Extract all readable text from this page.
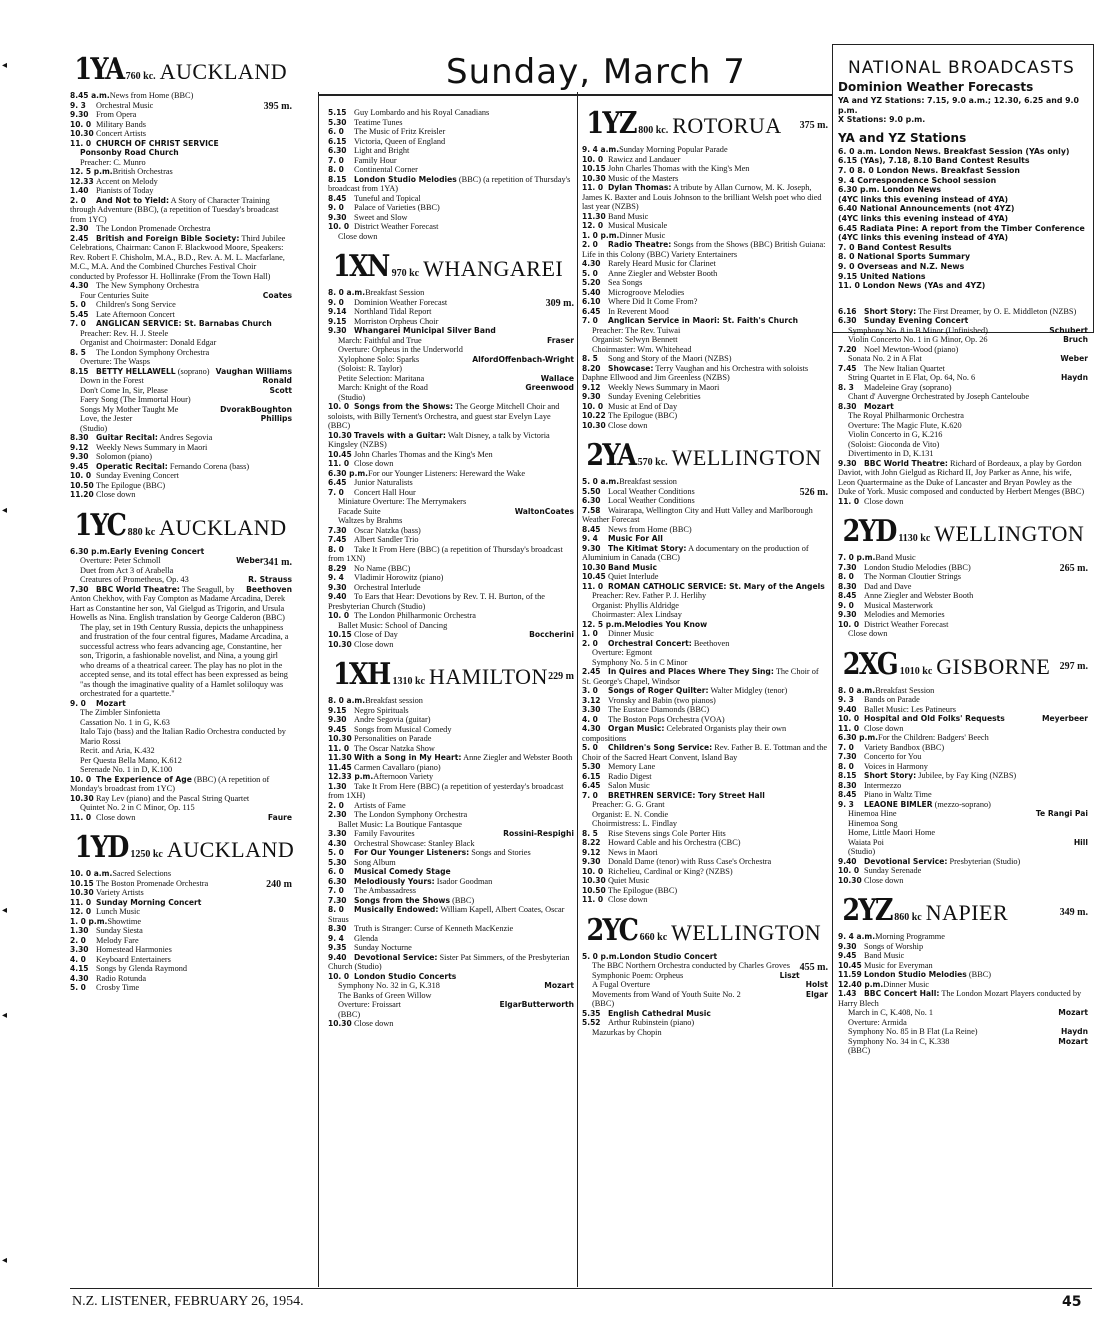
Sunday, March 7
◂
◂
◂
◂
◂
1YA 760 kc. AUCKLAND
395 m.
8.45 a.m.News from Home (BBC)
9. 3 Orchestral Music
9.30 From Opera
10. 0 Military Bands
10.30 Concert Artists
11. 0 CHURCH OF CHRIST SERVICE
Ponsonby Road Church
Preacher: C. Munro
12. 5 p.m.British Orchestras
12.33 Accent on Melody
1.40 Pianists of Today
2. 0 And Not to Yield: A Story of Character Training through Adventure (BBC), (a repetition of Tuesday's broadcast from 1YC)
2.30 The London Promenade Orchestra
2.45 British and Foreign Bible Society: Third Jubilee Celebrations, Chairman: Canon F. Blackwood Moore, Speakers: Rev. Robert F. Chisholm, M.A., B.D., Rev. A. M. L. Macfarlane, M.C., M.A. And the Combined Churches Festival Choir conducted by Professor H. Hollinrake (From the Town Hall)
4.30 The New Symphony Orchestra
Coates
Four Centuries Suite
5. 0 Children's Song Service
5.45 Late Afternoon Concert
7. 0 ANGLICAN SERVICE: St. Barnabas Church
Preacher: Rev. H. J. Steele
Organist and Choirmaster: Donald Edgar
8. 5 The London Symphony Orchestra
Overture: The Wasps
Vaughan Williams
8.15 BETTY HELLAWELL (soprano)
Ronald
Down in the Forest
Scott
Don't Come In, Sir, Please
Faery Song (The Immortal Hour)
Boughton
Dvorak
Songs My Mother Taught Me
Phillips
Love, the Jester
(Studio)
8.30 Guitar Recital: Andres Segovia
9.12 Weekly News Summary in Maori
9.30 Solomon (piano)
9.45 Operatic Recital: Fernando Corena (bass)
10. 0 Sunday Evening Concert
10.50 The Epilogue (BBC)
11.20 Close down
1YC 880 kc AUCKLAND
341 m.
6.30 p.m.Early Evening Concert
Weber
Overture: Peter Schmoll
Duet from Act 3 of Arabella
R. Strauss
Creatures of Prometheus, Op. 43
Beethoven
7.30 BBC World Theatre: The Seagull, by Anton Chekhov, with Fay Compton as Madame Arcadina, Derek Hart as Constantine her son, Val Gielgud as Trigorin, and Ursula Howells as Nina. English translation by George Calderon (BBC)
The play, set in 19th Century Russia, depicts the unhappiness and frustration of the four central figures, Madame Arcadina, a successful actress who fears advancing age, Constantine, her son, Trigorin, a fashionable novelist, and Nina, a young girl who dreams of a theatrical career. The play has no plot in the accepted sense, and its total effect has been expressed as being "as though the imaginative quality of a Hamlet soliloquy was orchestrated for a quartette."
9. 0 Mozart
The Zimbler Sinfonietta
Cassation No. 1 in G, K.63
Italo Tajo (bass) and the Italian Radio Orchestra conducted by Mario Rossi
Recit. and Aria, K.432
Per Questa Bella Mano, K.612
Serenade No. 1 in D, K.100
10. 0 The Experience of Age (BBC) (A repetition of Monday's broadcast from 1YC)
10.30 Ray Lev (piano) and the Pascal String Quartet
Quintet No. 2 in C Minor, Op. 115
Faure
11. 0 Close down
1YD 1250 kc AUCKLAND
240 m
10. 0 a.m.Sacred Selections
10.15 The Boston Promenade Orchestra
10.30 Variety Artists
11. 0 Sunday Morning Concert
12. 0 Lunch Music
1. 0 p.m.Showtime
1.30 Sunday Siesta
2. 0 Melody Fare
3.30 Homestead Harmonies
4. 0 Keyboard Entertainers
4.15 Songs by Glenda Raymond
4.30 Radio Rotunda
5. 0 Crosby Time
5.15 Guy Lombardo and his Royal Canadians
5.30 Teatime Tunes
6. 0 The Music of Fritz Kreisler
6.15 Victoria, Queen of England
6.30 Light and Bright
7. 0 Family Hour
8. 0 Continental Corner
8.15 London Studio Melodies (BBC) (a repetition of Thursday's broadcast from 1YA)
8.45 Tuneful and Topical
9. 0 Palace of Varieties (BBC)
9.30 Sweet and Slow
10. 0 District Weather Forecast
Close down
1XN 970 kc WHANGAREI
309 m.
8. 0 a.m.Breakfast Session
9. 0 Dominion Weather Forecast
9.14 Northland Tidal Report
9.15 Morriston Orpheus Choir
9.30 Whangarei Municipal Silver Band
Fraser
March: Faithful and True
Overture: Orpheus in the Underworld
Offenbach-Wright
Alford
Xylophone Solo: Sparks
(Soloist: R. Taylor)
Wallace
Petite Selection: Maritana
Greenwood
March: Knight of the Road
(Studio)
10. 0 Songs from the Shows: The George Mitchell Choir and soloists, with Billy Ternent's Orchestra, and guest star Evelyn Laye (BBC)
10.30 Travels with a Guitar: Walt Disney, a talk by Victoria Kingsley (NZBS)
10.45 John Charles Thomas and the King's Men
11. 0 Close down
6.30 p.m.For our Younger Listeners: Hereward the Wake
6.45 Junior Naturalists
7. 0 Concert Hall Hour
Miniature Overture: The Merrymakers
Coates
Walton
Facade Suite
Waltzes by Brahms
7.30 Oscar Natzka (bass)
7.45 Albert Sandler Trio
8. 0 Take It From Here (BBC) (a repetition of Thursday's broadcast from 1XN)
8.29 No Name (BBC)
9. 4 Vladimir Horowitz (piano)
9.30 Orchestral Interlude
9.40 To Ears that Hear: Devotions by Rev. T. H. Burton, of the Presbyterian Church (Studio)
10. 0 The London Philharmonic Orchestra
Ballet Music: School of Dancing
Boccherini
10.15 Close of Day
10.30 Close down
1XH 1310 kc HAMILTON 229 m
8. 0 a.m.Breakfast session
9.15 Negro Spirituals
9.30 Andre Segovia (guitar)
9.45 Songs from Musical Comedy
10.30 Personalities on Parade
11. 0 The Oscar Natzka Show
11.30 With a Song in My Heart: Anne Ziegler and Webster Booth
11.45 Carmen Cavallaro (piano)
12.33 p.m.Afternoon Variety
1.30 Take It From Here (BBC) (a repetition of yesterday's broadcast from 1XH)
2. 0 Artists of Fame
2.30 The London Symphony Orchestra
Ballet Music: La Boutique Fantasque
Rossini-Respighi
3.30 Family Favourites
4.30 Orchestral Showcase: Stanley Black
5. 0 For Our Younger Listeners: Songs and Stories
5.30 Song Album
6. 0 Musical Comedy Stage
6.30 Melodiously Yours: Isador Goodman
7. 0 The Ambassadress
7.30 Songs from the Shows (BBC)
8. 0 Musically Endowed: William Kapell, Albert Coates, Oscar Straus
8.30 Truth is Stranger: Curse of Kenneth MacKenzie
9. 4 Glenda
9.35 Sunday Nocturne
9.40 Devotional Service: Sister Pat Simmers, of the Presbyterian Church (Studio)
10. 0 London Studio Concerts
Mozart
Symphony No. 32 in G, K.318
The Banks of Green Willow
Butterworth
Elgar
Overture: Froissart
(BBC)
10.30 Close down
1YZ 800 kc. ROTORUA 375 m.
9. 4 a.m.Sunday Morning Popular Parade
10. 0 Rawicz and Landauer
10.15 John Charles Thomas with the King's Men
10.30 Music of the Masters
11. 0 Dylan Thomas: A tribute by Allan Curnow, M. K. Joseph, James K. Baxter and Louis Johnson to the brilliant Welsh poet who died last year (NZBS)
11.30 Band Music
12. 0 Musical Musicale
1. 0 p.m.Dinner Music
2. 0 Radio Theatre: Songs from the Shows (BBC) British Guiana: Life in this Colony (BBC) Variety Entertainers
4.30 Rarely Heard Music for Clarinet
5. 0 Anne Ziegler and Webster Booth
5.20 Sea Songs
5.40 Microgroove Melodies
6.10 Where Did It Come From?
6.45 In Reverent Mood
7. 0 Anglican Service in Maori: St. Faith's Church
Preacher: The Rev. Tuiwai
Organist: Selwyn Bennett
Choirmaster: Wm. Whitehead
8. 5 Song and Story of the Maori (NZBS)
8.20 Showcase: Terry Vaughan and his Orchestra with soloists Daphne Ellwood and Jim Greenless (NZBS)
9.12 Weekly News Summary in Maori
9.30 Sunday Evening Celebrities
10. 0 Music at End of Day
10.22 The Epilogue (BBC)
10.30 Close down
2YA 570 kc. WELLINGTON
526 m.
5. 0 a.m.Breakfast session
5.50 Local Weather Conditions
6.30 Local Weather Conditions
7.58 Wairarapa, Wellington City and Hutt Valley and Marlborough Weather Forecast
8.45 News from Home (BBC)
9. 4 Music For All
9.30 The Kitimat Story: A documentary on the production of Aluminium in Canada (CBC)
10.30 Band Music
10.45 Quiet Interlude
11. 0 ROMAN CATHOLIC SERVICE: St. Mary of the Angels
Preacher: Rev. Father P. J. Herlihy
Organist: Phyllis Aldridge
Choirmaster: Alex Lindsay
12. 5 p.m.Melodies You Know
1. 0 Dinner Music
2. 0 Orchestral Concert: Beethoven
Overture: Egmont
Symphony No. 5 in C Minor
2.45 In Quires and Places Where They Sing: The Choir of St. George's Chapel, Windsor
3. 0 Songs of Roger Quilter: Walter Midgley (tenor)
3.12 Vronsky and Babin (two pianos)
3.30 The Eustace Diamonds (BBC)
4. 0 The Boston Pops Orchestra (VOA)
4.30 Organ Music: Celebrated Organists play their own compositions
5. 0 Children's Song Service: Rev. Father B. E. Tottman and the Choir of the Sacred Heart Convent, Island Bay
5.30 Memory Lane
6.15 Radio Digest
6.45 Salon Music
7. 0 BRETHREN SERVICE: Tory Street Hall
Preacher: G. G. Grant
Organist: E. N. Condie
Choirmistress: L. Findlay
8. 5 Rise Stevens sings Cole Porter Hits
8.22 Howard Cable and his Orchestra (CBC)
9.12 News in Maori
9.30 Donald Dame (tenor) with Russ Case's Orchestra
10. 0 Richelieu, Cardinal or King? (NZBS)
10.30 Quiet Music
10.50 The Epilogue (BBC)
11. 0 Close down
2YC 660 kc WELLINGTON
455 m.
5. 0 p.m.London Studio Concert
The BBC Northern Orchestra conducted by Charles Groves
Liszt
Symphonic Poem: Orpheus
Holst
A Fugal Overture
Elgar
Movements from Wand of Youth Suite No. 2
(BBC)
5.35 English Cathedral Music
5.52 Arthur Rubinstein (piano)
Mazurkas by Chopin
NATIONAL BROADCASTS
Dominion Weather Forecasts
YA and YZ Stations: 7.15, 9.0 a.m.; 12.30, 6.25 and 9.0 p.m.
X Stations: 9.0 p.m.
YA and YZ Stations
6. 0 a.m. London News. Breakfast Session (YAs only)
6.15 (YAs), 7.18, 8.10 Band Contest Results
7. 0 8. 0 London News. Breakfast Session
9. 4 Correspondence School session
6.30 p.m. London News
(4YC links this evening instead of 4YA)
6.40 National Announcements (not 4YZ)
(4YC links this evening instead of 4YA)
6.45 Radiata Pine: A report from the Timber Conference
(4YC links this evening instead of 4YA)
7. 0 Band Contest Results
8. 0 National Sports Summary
9. 0 Overseas and N.Z. News
9.15 United Nations
11. 0 London News (YAs and 4YZ)
6.16 Short Story: The First Dreamer, by O. E. Middleton (NZBS)
6.30 Sunday Evening Concert
Schubert
Symphony No. 8 in B Minor (Unfinished)
Bruch
Violin Concerto No. 1 in G Minor, Op. 26
7.20 Noel Mewton-Wood (piano)
Weber
Sonata No. 2 in A Flat
7.45 The New Italian Quartet
Haydn
String Quartet in E Flat, Op. 64, No. 6
8. 3 Madeleine Gray (soprano)
Chant d' Auvergne Orchestrated by Joseph Canteloube
8.30 Mozart
The Royal Philharmonic Orchestra
Overture: The Magic Flute, K.620
Violin Concerto in G, K.216
(Soloist: Gioconda de Vito)
Divertimento in D, K.131
9.30 BBC World Theatre: Richard of Bordeaux, a play by Gordon Daviot, with John Gielgud as Richard II, Joy Parker as Anne, his wife, Leon Quartermaine as the Duke of Lancaster and Bryan Powley as the Duke of York. Music composed and conducted by Herbert Menges (BBC)
11. 0 Close down
2YD 1130 kc WELLINGTON
265 m.
7. 0 p.m.Band Music
7.30 London Studio Melodies (BBC)
8. 0 The Norman Cloutier Strings
8.30 Dad and Dave
8.45 Anne Ziegler and Webster Booth
9. 0 Musical Masterwork
9.30 Melodies and Memories
10. 0 District Weather Forecast
Close down
2XG 1010 kc GISBORNE 297 m.
8. 0 a.m.Breakfast Session
9. 3 Bands on Parade
9.40 Ballet Music: Les Patineurs
Meyerbeer
10. 0 Hospital and Old Folks' Requests
11. 0 Close down
6.30 p.m.For the Children: Badgers' Beech
7. 0 Variety Bandbox (BBC)
7.30 Concerto for You
8. 0 Voices in Harmony
8.15 Short Story: Jubilee, by Fay King (NZBS)
8.30 Intermezzo
8.45 Piano in Waltz Time
9. 3 LEAONE BIMLER (mezzo-soprano)
Te Rangi Pai
Hinemoa Hine
Hinemoa Song
Home, Little Maori Home
Hill
Waiata Poi
(Studio)
9.40 Devotional Service: Presbyterian (Studio)
10. 0 Sunday Serenade
10.30 Close down
2YZ 860 kc NAPIER	349 m.
9. 4 a.m.Morning Programme
9.30 Songs of Worship
9.45 Band Music
10.45 Music for Everyman
11.59 London Studio Melodies (BBC)
12.40 p.m.Dinner Music
1.43 BBC Concert Hall: The London Mozart Players conducted by Harry Blech
Mozart
March in C, K.408, No. 1
Overture: Armida
Haydn
Symphony No. 85 in B Flat (La Reine)
Mozart
Symphony No. 34 in C, K.338
(BBC)
N.Z. LISTENER, FEBRUARY 26, 1954.	45
